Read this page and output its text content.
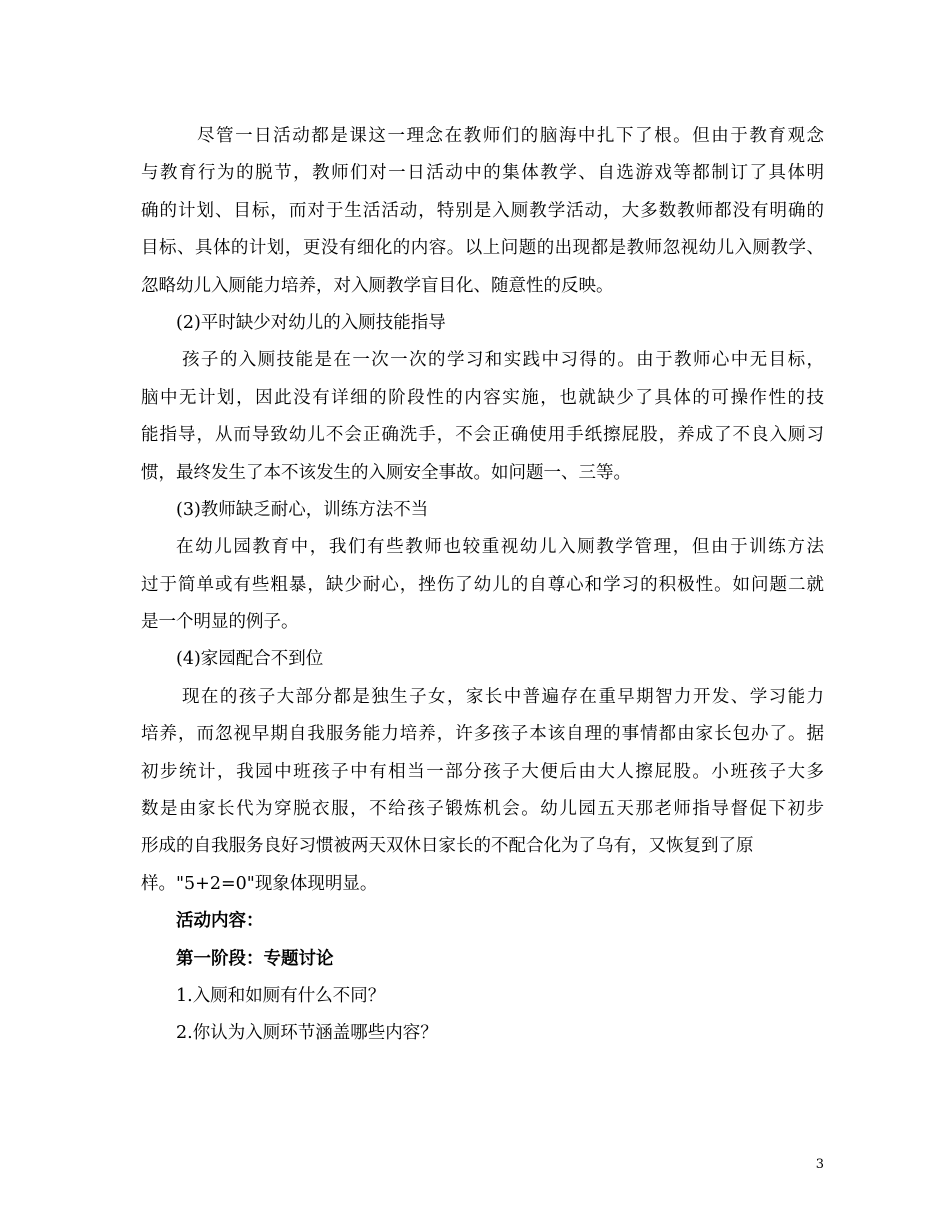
尽管一日活动都是课这一理念在教师们的脑海中扎下了根。但由于教育观念
与教育行为的脱节，教师们对一日活动中的集体教学、自选游戏等都制订了具体明
确的计划、目标，而对于生活活动，特别是入厕教学活动，大多数教师都没有明确的
目标、具体的计划，更没有细化的内容。以上问题的出现都是教师忽视幼儿入厕教学、
忽略幼儿入厕能力培养，对入厕教学盲目化、随意性的反映。
(2)平时缺少对幼儿的入厕技能指导
孩子的入厕技能是在一次一次的学习和实践中习得的。由于教师心中无目标，
脑中无计划，因此没有详细的阶段性的内容实施，也就缺少了具体的可操作性的技
能指导，从而导致幼儿不会正确洗手，不会正确使用手纸擦屁股，养成了不良入厕习
惯，最终发生了本不该发生的入厕安全事故。如问题一、三等。
(3)教师缺乏耐心，训练方法不当
在幼儿园教育中，我们有些教师也较重视幼儿入厕教学管理，但由于训练方法
过于简单或有些粗暴，缺少耐心，挫伤了幼儿的自尊心和学习的积极性。如问题二就
是一个明显的例子。
(4)家园配合不到位
现在的孩子大部分都是独生子女，家长中普遍存在重早期智力开发、学习能力
培养，而忽视早期自我服务能力培养，许多孩子本该自理的事情都由家长包办了。据
初步统计，我园中班孩子中有相当一部分孩子大便后由大人擦屁股。小班孩子大多
数是由家长代为穿脱衣服，不给孩子锻炼机会。幼儿园五天那老师指导督促下初步
形成的自我服务良好习惯被两天双休日家长的不配合化为了乌有，又恢复到了原
样。"5+2=0"现象体现明显。
活动内容：
第一阶段：专题讨论
1.入厕和如厕有什么不同？
2.你认为入厕环节涵盖哪些内容？
3
